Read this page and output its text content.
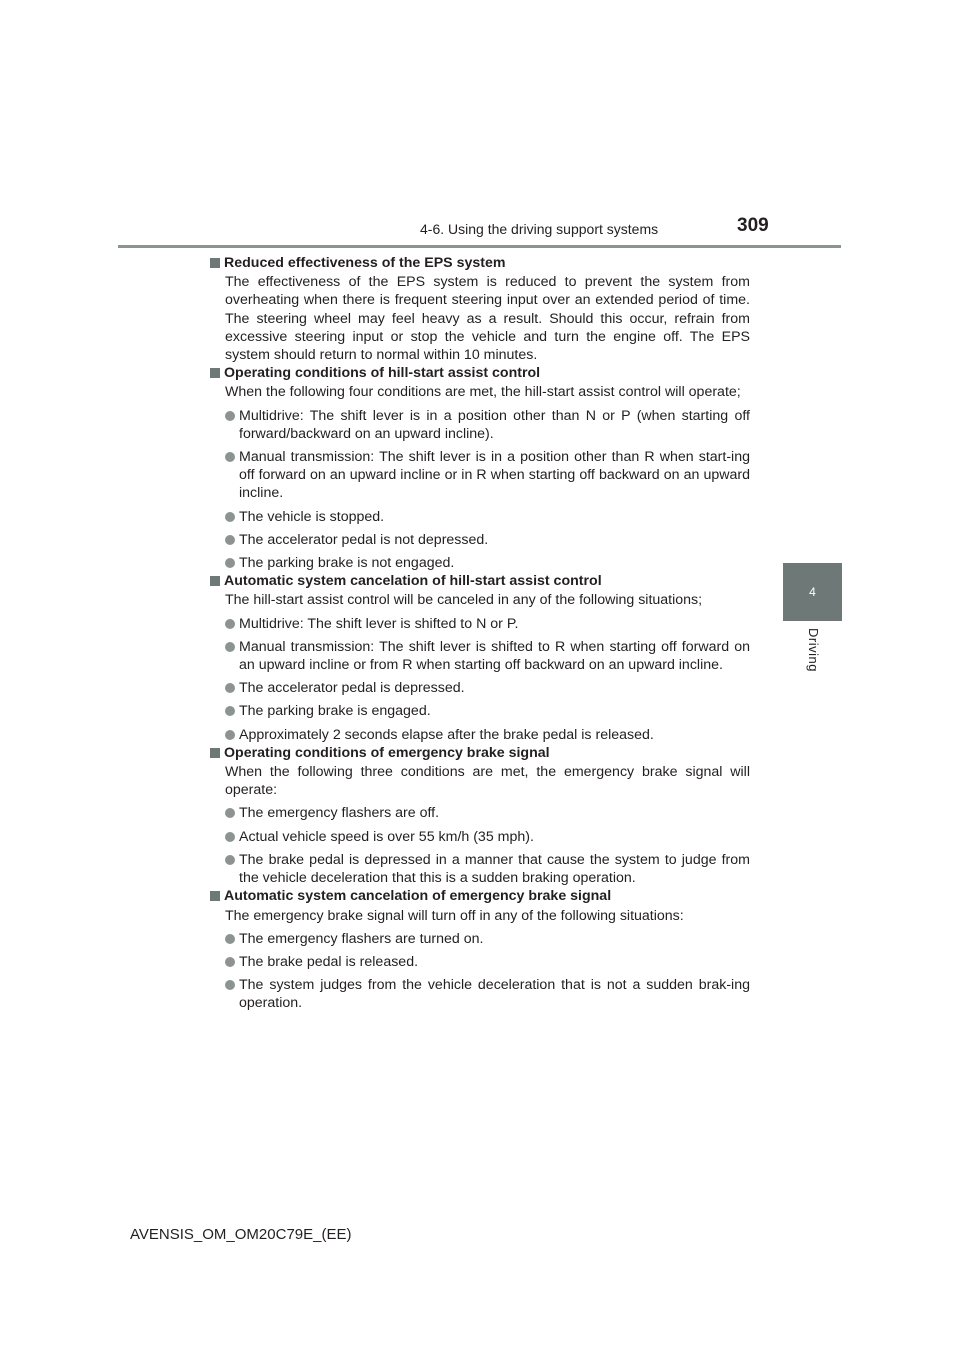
4-6. Using the driving support systems	309
4
Driving
Reduced effectiveness of the EPS system
The effectiveness of the EPS system is reduced to prevent the system from overheating when there is frequent steering input over an extended period of time. The steering wheel may feel heavy as a result. Should this occur, refrain from excessive steering input or stop the vehicle and turn the engine off. The EPS system should return to normal within 10 minutes.
Operating conditions of hill-start assist control
When the following four conditions are met, the hill-start assist control will operate;
Multidrive: The shift lever is in a position other than N or P (when starting off forward/backward on an upward incline).
Manual transmission: The shift lever is in a position other than R when start-ing off forward on an upward incline or in R when starting off backward on an upward incline.
The vehicle is stopped.
The accelerator pedal is not depressed.
The parking brake is not engaged.
Automatic system cancelation of hill-start assist control
The hill-start assist control will be canceled in any of the following situations;
Multidrive: The shift lever is shifted to N or P.
Manual transmission: The shift lever is shifted to R when starting off forward on an upward incline or from R when starting off backward on an upward incline.
The accelerator pedal is depressed.
The parking brake is engaged.
Approximately 2 seconds elapse after the brake pedal is released.
Operating conditions of emergency brake signal
When the following three conditions are met, the emergency brake signal will operate:
The emergency flashers are off.
Actual vehicle speed is over 55 km/h (35 mph).
The brake pedal is depressed in a manner that cause the system to judge from the vehicle deceleration that this is a sudden braking operation.
Automatic system cancelation of emergency brake signal
The emergency brake signal will turn off in any of the following situations:
The emergency flashers are turned on.
The brake pedal is released.
The system judges from the vehicle deceleration that is not a sudden brak-ing operation.
AVENSIS_OM_OM20C79E_(EE)
